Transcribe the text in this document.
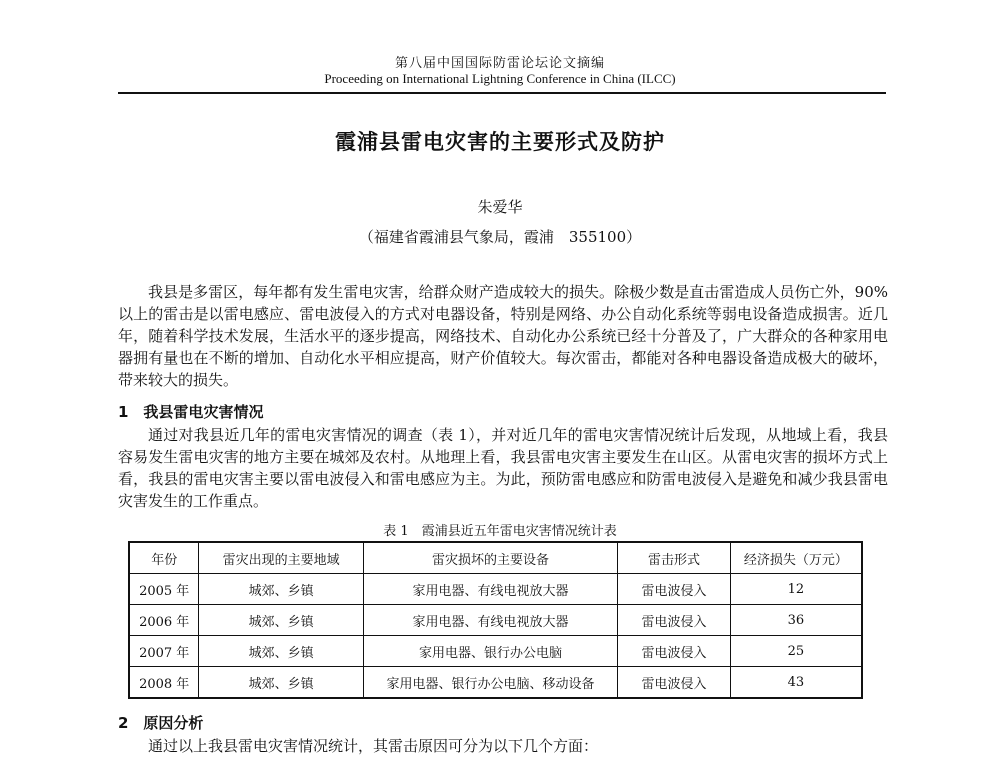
第八届中国国际防雷论坛论文摘编
Proceeding on International Lightning Conference in China (ILCC)
霞浦县雷电灾害的主要形式及防护
朱爱华
（福建省霞浦县气象局，霞浦　355100）

我县是多雷区，每年都有发生雷电灾害，给群众财产造成较大的损失。除极少数是直击雷造成人员伤亡外，90%以上的雷击是以雷电感应、雷电波侵入的方式对电器设备，特别是网络、办公自动化系统等弱电设备造成损害。近几年，随着科学技术发展，生活水平的逐步提高，网络技术、自动化办公系统已经十分普及了，广大群众的各种家用电器拥有量也在不断的增加、自动化水平相应提高，财产价值较大。每次雷击，都能对各种电器设备造成极大的破坏，带来较大的损失。

1　我县雷电灾害情况

通过对我县近几年的雷电灾害情况的调查（表 1），并对近几年的雷电灾害情况统计后发现，从地域上看，我县容易发生雷电灾害的地方主要在城郊及农村。从地理上看，我县雷电灾害主要发生在山区。从雷电灾害的损坏方式上看，我县的雷电灾害主要以雷电波侵入和雷电感应为主。为此，预防雷电感应和防雷电波侵入是避免和减少我县雷电灾害发生的工作重点。

表 1　霞浦县近五年雷电灾害情况统计表
年份	雷灾出现的主要地域	雷灾损坏的主要设备	雷击形式	经济损失（万元）
2005 年	城郊、乡镇	家用电器、有线电视放大器	雷电波侵入	12
2006 年	城郊、乡镇	家用电器、有线电视放大器	雷电波侵入	36
2007 年	城郊、乡镇	家用电器、银行办公电脑	雷电波侵入	25
2008 年	城郊、乡镇	家用电器、银行办公电脑、移动设备	雷电波侵入	43
2　原因分析

通过以上我县雷电灾害情况统计，其雷击原因可分为以下几个方面：
